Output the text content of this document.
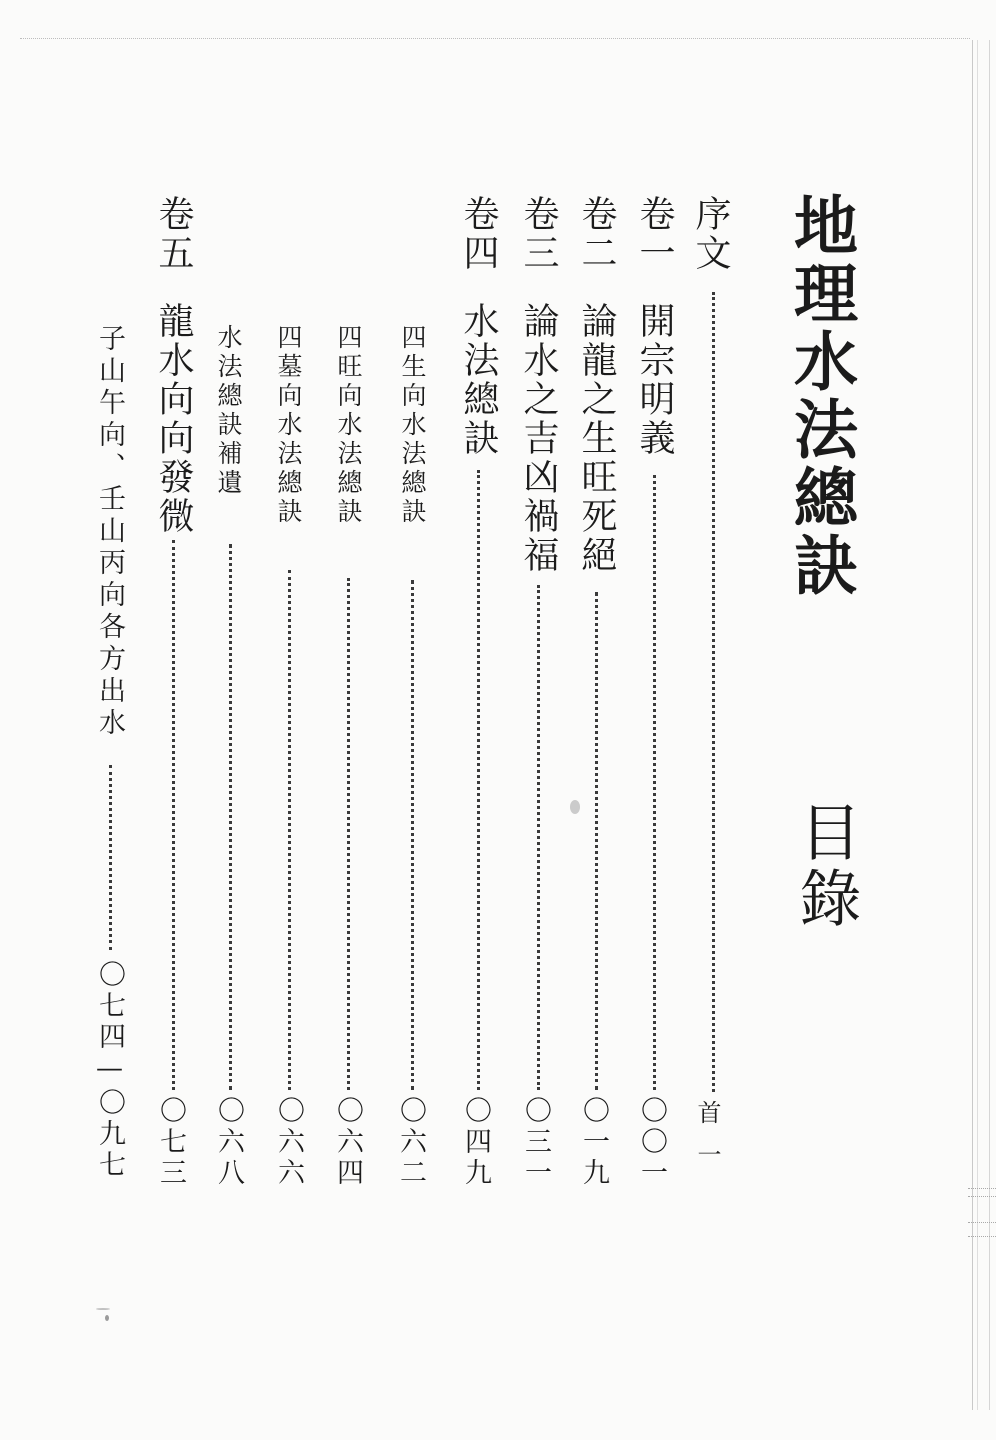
地理水法總訣
目錄
序文
首一
卷一
開宗明義
〇〇一
卷二
論龍之生旺死絕
〇一九
卷三
論水之吉凶禍福
〇三一
卷四
水法總訣
〇四九
四生向水法總訣
〇六二
四旺向水法總訣
〇六四
四墓向水法總訣
〇六六
水法總訣補遺
〇六八
卷五
龍水向向發微
〇七三
子山午向、壬山丙向各方出水
〇七四—〇九七
